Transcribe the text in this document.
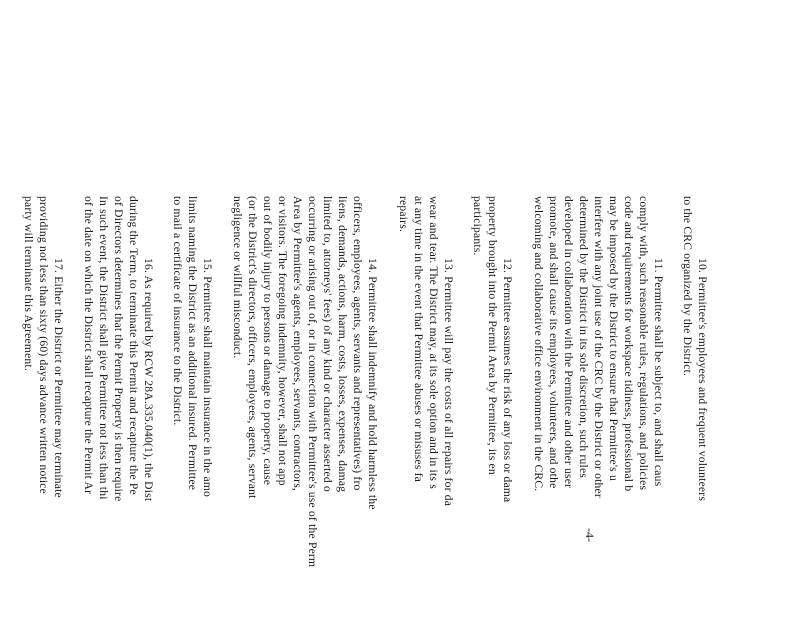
10. Permittee's employees and frequent volunteers
to the CRC organized by the District.
11. Permittee shall be subject to, and shall caus
comply with, such reasonable rules, regulations, and policies
code and requirements for workspace tidiness, professional b
may be imposed by the District to ensure that Permittee's u
interfere with any joint use of the CRC by the District or other
determined by the District in its sole discretion, such rules
developed in collaboration with the Permittee and other user
promote, and shall cause its employees, volunteers, and othe
welcoming and collaborative office environment in the CRC.
12. Permittee assumes the risk of any loss or dama
property brought into the Permit Area by Permittee, its en
participants.
13. Permittee will pay the costs of all repairs for da
wear and tear. The District may, at its sole option and in its s
at any time in the event that Permittee abuses or misuses fa
repairs.
14. Permittee shall indemnify and hold harmless the
officers, employees, agents, servants and representatives) fro
liens, demands, actions, harm, costs, losses, expenses, damag
limited to, attorneys' fees) of any kind or character asserted o
occurring or arising out of, or in connection with Permittee's use of the Perm
Area by Permittee's agents, employees, servants, contractors,
or visitors. The foregoing indemnity, however, shall not app
out of bodily injury to persons or damage to property, cause
(or the District's directors, officers, employees, agents, servant
negligence or willful misconduct.
15. Permittee shall maintain insurance in the amo
limits naming the District as an additional insured. Permittee
to mail a certificate of insurance to the District.
16. As required by RCW 28A.335.040(1), the Dist
during the Term, to terminate this Permit and recapture the Pe
of Directors determines that the Permit Property is then require
In such event, the District shall give Permittee not less than thi
of the date on which the District shall recapture the Permit Ar
17. Either the District or Permittee may terminate
providing not less than sixty (60) days advance written notice
party will terminate this Agreement.
-4-
